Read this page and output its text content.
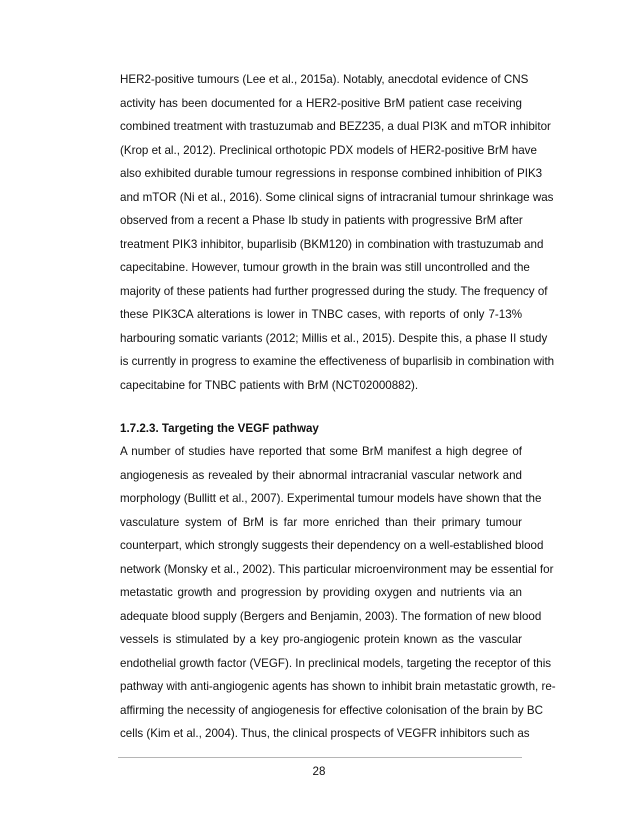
HER2-positive tumours (Lee et al., 2015a). Notably, anecdotal evidence of CNS
activity has been documented for a HER2-positive BrM patient case receiving
combined treatment with trastuzumab and BEZ235, a dual PI3K and mTOR inhibitor
(Krop et al., 2012). Preclinical orthotopic PDX models of HER2-positive BrM have
also exhibited durable tumour regressions in response combined inhibition of PIK3
and mTOR (Ni et al., 2016). Some clinical signs of intracranial tumour shrinkage was
observed from a recent a Phase Ib study in patients with progressive BrM after
treatment PIK3 inhibitor, buparlisib (BKM120) in combination with trastuzumab and
capecitabine. However, tumour growth in the brain was still uncontrolled and the
majority of these patients had further progressed during the study. The frequency of
these PIK3CA alterations is lower in TNBC cases, with reports of only 7-13%
harbouring somatic variants (2012; Millis et al., 2015). Despite this, a phase II study
is currently in progress to examine the effectiveness of buparlisib in combination with
capecitabine for TNBC patients with BrM (NCT02000882).
1.7.2.3. Targeting the VEGF pathway
A number of studies have reported that some BrM manifest a high degree of
angiogenesis as revealed by their abnormal intracranial vascular network and
morphology (Bullitt et al., 2007). Experimental tumour models have shown that the
vasculature system of BrM is far more enriched than their primary tumour
counterpart, which strongly suggests their dependency on a well-established blood
network (Monsky et al., 2002). This particular microenvironment may be essential for
metastatic growth and progression by providing oxygen and nutrients via an
adequate blood supply (Bergers and Benjamin, 2003). The formation of new blood
vessels is stimulated by a key pro-angiogenic protein known as the vascular
endothelial growth factor (VEGF). In preclinical models, targeting the receptor of this
pathway with anti-angiogenic agents has shown to inhibit brain metastatic growth, re-
affirming the necessity of angiogenesis for effective colonisation of the brain by BC
cells (Kim et al., 2004). Thus, the clinical prospects of VEGFR inhibitors such as
28
